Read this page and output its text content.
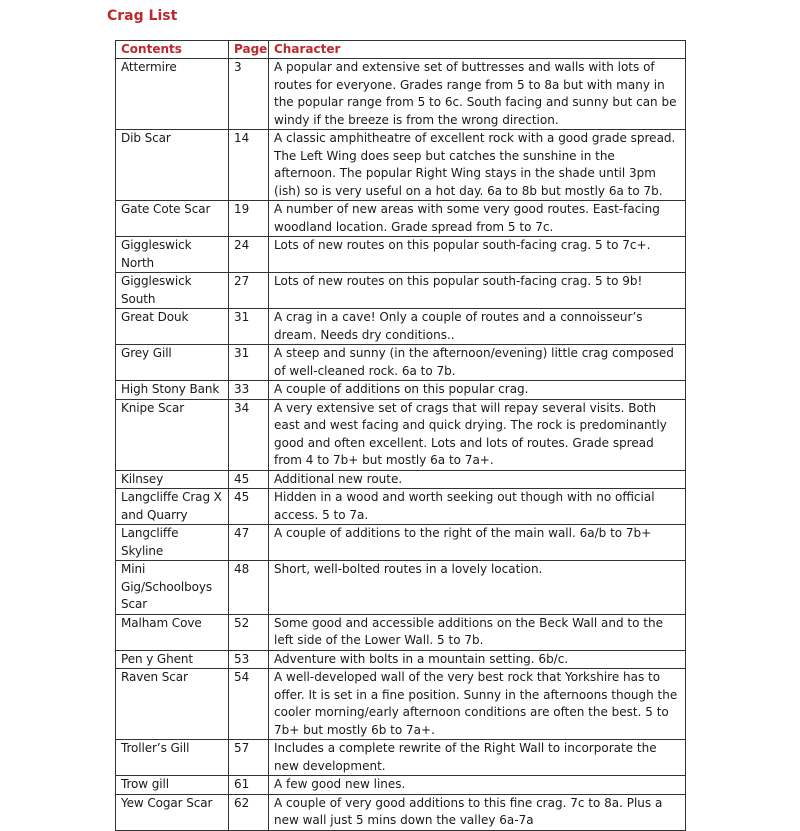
Crag List
Contents	Page	Character
Attermire	3	A popular and extensive set of buttresses and walls with lots of routes for everyone. Grades range from 5 to 8a but with many in the popular range from 5 to 6c. South facing and sunny but can be windy if the breeze is from the wrong direction.
Dib Scar	14	A classic amphitheatre of excellent rock with a good grade spread. The Left Wing does seep but catches the sunshine in the afternoon. The popular Right Wing stays in the shade until 3pm (ish) so is very useful on a hot day. 6a to 8b but mostly 6a to 7b.
Gate Cote Scar	19	A number of new areas with some very good routes. East-facing woodland location. Grade spread from 5 to 7c.
Giggleswick North	24	Lots of new routes on this popular south-facing crag. 5 to 7c+.
Giggleswick South	27	Lots of new routes on this popular south-facing crag. 5 to 9b!
Great Douk	31	A crag in a cave! Only a couple of routes and a connoisseur’s dream. Needs dry conditions..
Grey Gill	31	A steep and sunny (in the afternoon/evening) little crag composed of well-cleaned rock. 6a to 7b.
High Stony Bank	33	A couple of additions on this popular crag.
Knipe Scar	34	A very extensive set of crags that will repay several visits. Both east and west facing and quick drying. The rock is predominantly good and often excellent. Lots and lots of routes. Grade spread from 4 to 7b+ but mostly 6a to 7a+.
Kilnsey	45	Additional new route.
Langcliffe Crag X and Quarry	45	Hidden in a wood and worth seeking out though with no official access. 5 to 7a.
Langcliffe Skyline	47	A couple of additions to the right of the main wall. 6a/b to 7b+
Mini Gig/Schoolboys Scar	48	Short, well-bolted routes in a lovely location.
Malham Cove	52	Some good and accessible additions on the Beck Wall and to the left side of the Lower Wall. 5 to 7b.
Pen y Ghent	53	Adventure with bolts in a mountain setting. 6b/c.
Raven Scar	54	A well-developed wall of the very best rock that Yorkshire has to offer. It is set in a fine position. Sunny in the afternoons though the cooler morning/early afternoon conditions are often the best. 5 to 7b+ but mostly 6b to 7a+.
Troller’s Gill	57	Includes a complete rewrite of the Right Wall to incorporate the new development.
Trow gill	61	A few good new lines.
Yew Cogar Scar	62	A couple of very good additions to this fine crag. 7c to 8a. Plus a new wall just 5 mins down the valley 6a-7a
